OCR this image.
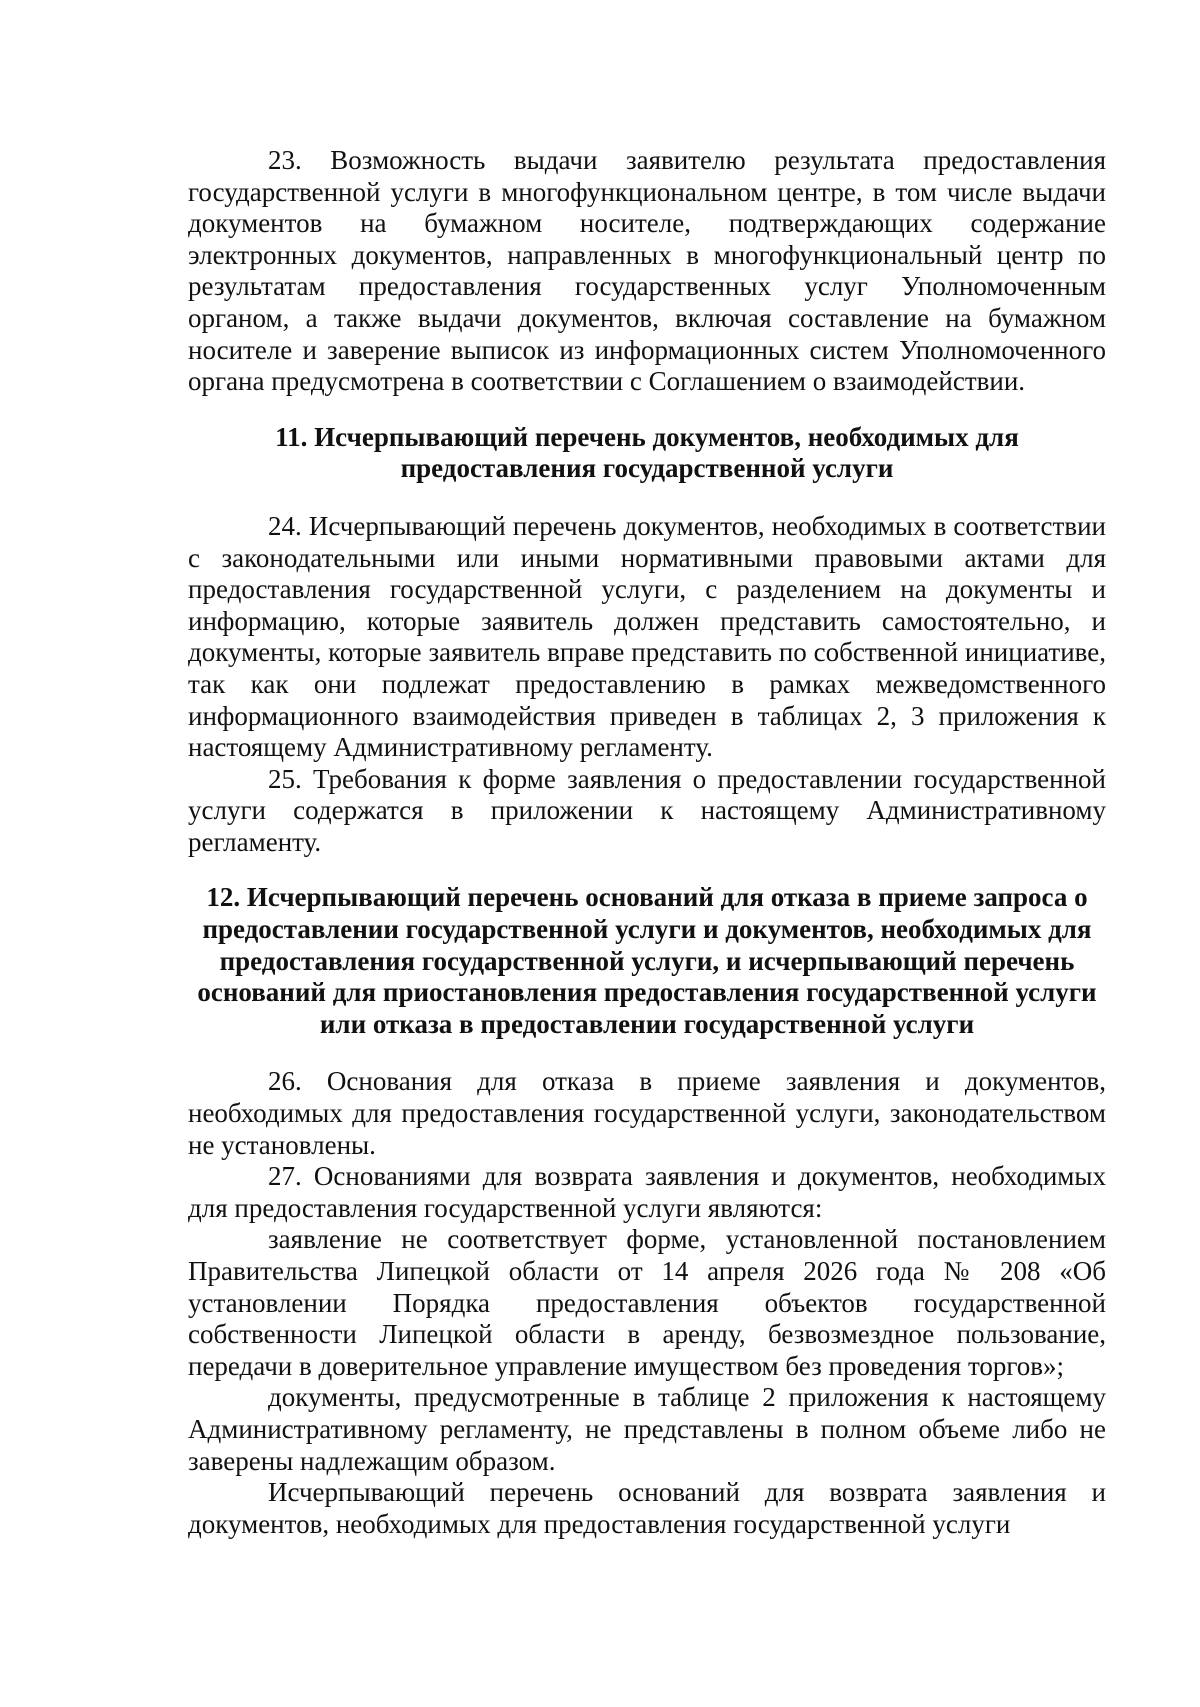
23. Возможность выдачи заявителю результата предоставления государственной услуги в многофункциональном центре, в том числе выдачи документов на бумажном носителе, подтверждающих содержание электронных документов, направленных в многофункциональный центр по результатам предоставления государственных услуг Уполномоченным органом, а также выдачи документов, включая составление на бумажном носителе и заверение выписок из информационных систем Уполномоченного органа предусмотрена в соответствии с Соглашением о взаимодействии.

11. Исчерпывающий перечень документов, необходимых для предоставления государственной услуги

24. Исчерпывающий перечень документов, необходимых в соответствии с законодательными или иными нормативными правовыми актами для предоставления государственной услуги, с разделением на документы и информацию, которые заявитель должен представить самостоятельно, и документы, которые заявитель вправе представить по собственной инициативе, так как они подлежат предоставлению в рамках межведомственного информационного взаимодействия приведен в таблицах 2, 3 приложения к настоящему Административному регламенту.

25. Требования к форме заявления о предоставлении государственной услуги содержатся в приложении к настоящему Административному регламенту.

12. Исчерпывающий перечень оснований для отказа в приеме запроса о предоставлении государственной услуги и документов, необходимых для предоставления государственной услуги, и исчерпывающий перечень оснований для приостановления предоставления государственной услуги или отказа в предоставлении государственной услуги

26. Основания для отказа в приеме заявления и документов, необходимых для предоставления государственной услуги, законодательством не установлены.

27. Основаниями для возврата заявления и документов, необходимых для предоставления государственной услуги являются:

заявление не соответствует форме, установленной постановлением Правительства Липецкой области от 14 апреля 2026 года № 208 «Об установлении Порядка предоставления объектов государственной собственности Липецкой области в аренду, безвозмездное пользование, передачи в доверительное управление имуществом без проведения торгов»;

документы, предусмотренные в таблице 2 приложения к настоящему Административному регламенту, не представлены в полном объеме либо не заверены надлежащим образом.

Исчерпывающий перечень оснований для возврата заявления и документов, необходимых для предоставления государственной услуги
